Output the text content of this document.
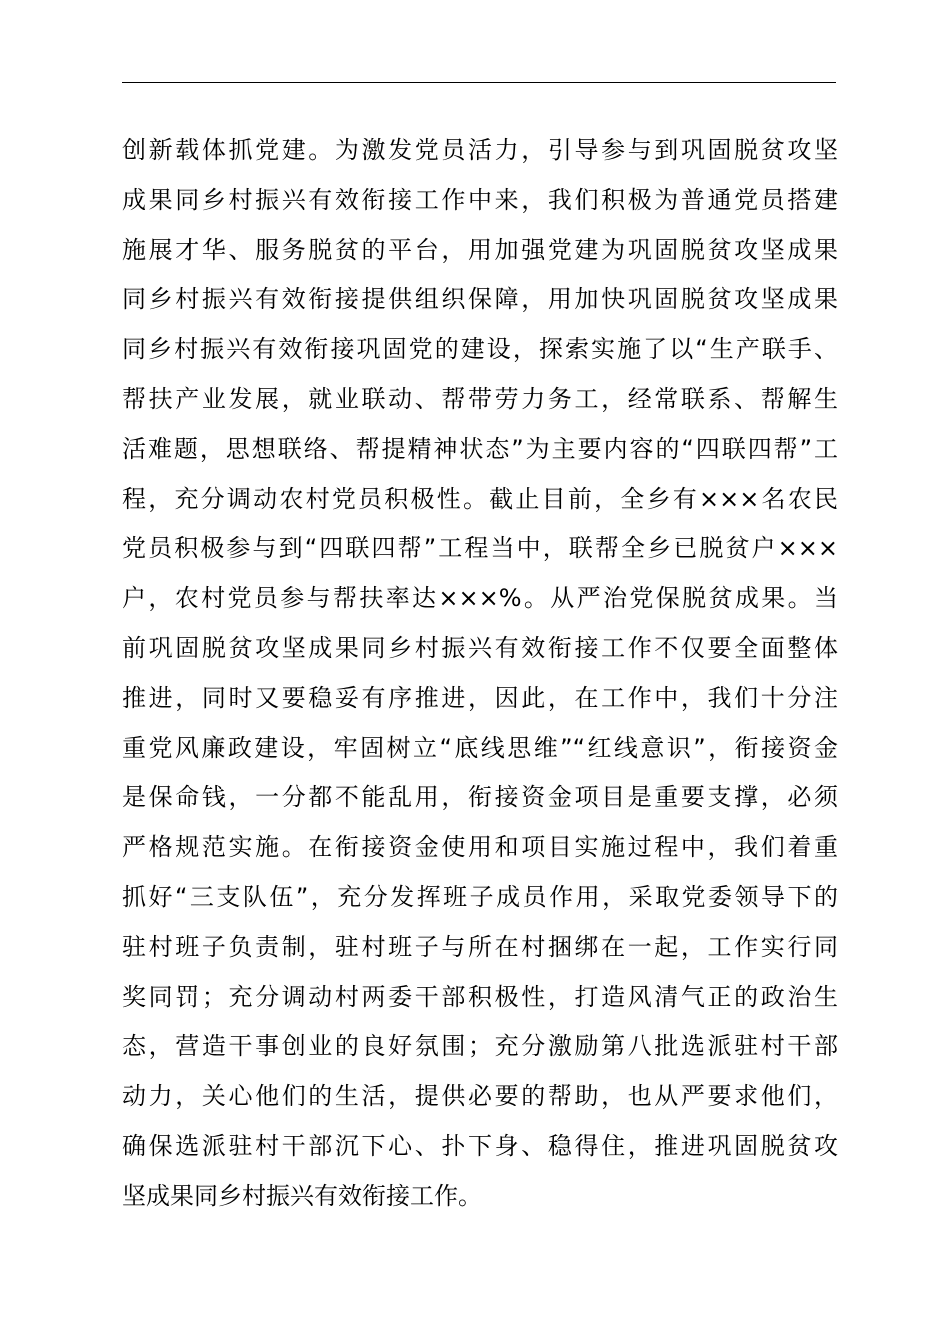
创新载体抓党建。为激发党员活力，引导参与到巩固脱贫攻坚
成果同乡村振兴有效衔接工作中来，我们积极为普通党员搭建
施展才华、服务脱贫的平台，用加强党建为巩固脱贫攻坚成果
同乡村振兴有效衔接提供组织保障，用加快巩固脱贫攻坚成果
同乡村振兴有效衔接巩固党的建设，探索实施了以“生产联手、
帮扶产业发展，就业联动、帮带劳力务工，经常联系、帮解生
活难题，思想联络、帮提精神状态”为主要内容的“四联四帮”工
程，充分调动农村党员积极性。截止目前，全乡有×××名农民
党员积极参与到“四联四帮”工程当中，联帮全乡已脱贫户×××
户，农村党员参与帮扶率达×××%。从严治党保脱贫成果。当
前巩固脱贫攻坚成果同乡村振兴有效衔接工作不仅要全面整体
推进，同时又要稳妥有序推进，因此，在工作中，我们十分注
重党风廉政建设，牢固树立“底线思维”“红线意识”，衔接资金
是保命钱，一分都不能乱用，衔接资金项目是重要支撑，必须
严格规范实施。在衔接资金使用和项目实施过程中，我们着重
抓好“三支队伍”，充分发挥班子成员作用，采取党委领导下的
驻村班子负责制，驻村班子与所在村捆绑在一起，工作实行同
奖同罚；充分调动村两委干部积极性，打造风清气正的政治生
态，营造干事创业的良好氛围；充分激励第八批选派驻村干部
动力，关心他们的生活，提供必要的帮助，也从严要求他们，
确保选派驻村干部沉下心、扑下身、稳得住，推进巩固脱贫攻
坚成果同乡村振兴有效衔接工作。
